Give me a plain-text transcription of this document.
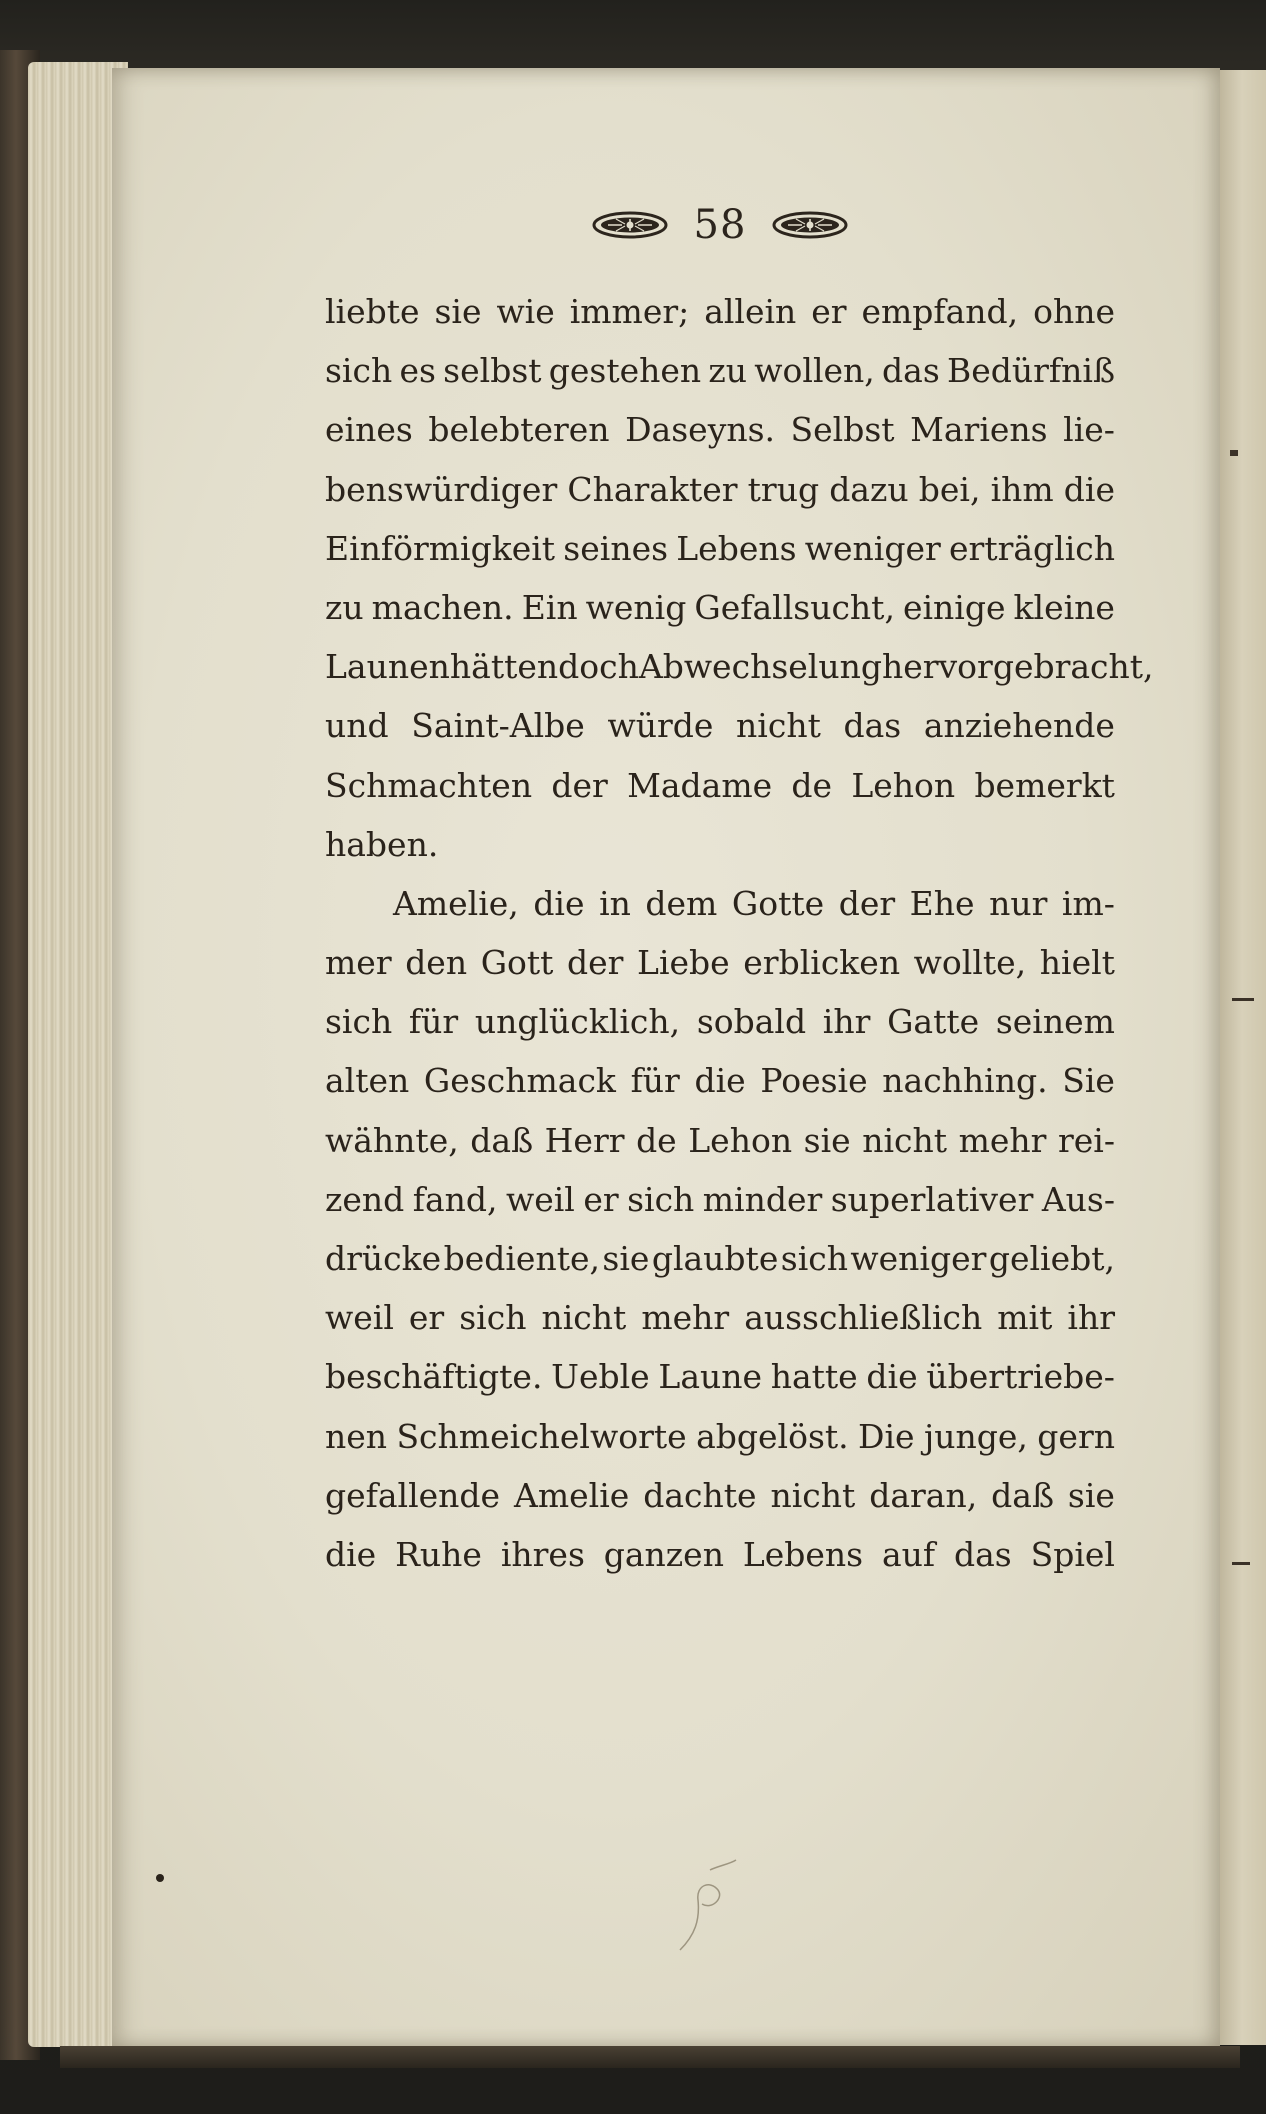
58
liebte sie wie immer; allein er empfand, ohne
sich es selbst gestehen zu wollen, das Bedürfniß
eines belebteren Daseyns. Selbst Mariens lie-
benswürdiger Charakter trug dazu bei, ihm die
Einförmigkeit seines Lebens weniger erträglich
zu machen. Ein wenig Gefallsucht, einige kleine
Launen hätten doch Abwechselung hervorgebracht,
und Saint-Albe würde nicht das anziehende
Schmachten der Madame de Lehon bemerkt
haben.
Amelie, die in dem Gotte der Ehe nur im-
mer den Gott der Liebe erblicken wollte, hielt
sich für unglücklich, sobald ihr Gatte seinem
alten Geschmack für die Poesie nachhing. Sie
wähnte, daß Herr de Lehon sie nicht mehr rei-
zend fand, weil er sich minder superlativer Aus-
drücke bediente, sie glaubte sich weniger geliebt,
weil er sich nicht mehr ausschließlich mit ihr
beschäftigte. Ueble Laune hatte die übertriebe-
nen Schmeichelworte abgelöst. Die junge, gern
gefallende Amelie dachte nicht daran, daß sie
die Ruhe ihres ganzen Lebens auf das Spiel
